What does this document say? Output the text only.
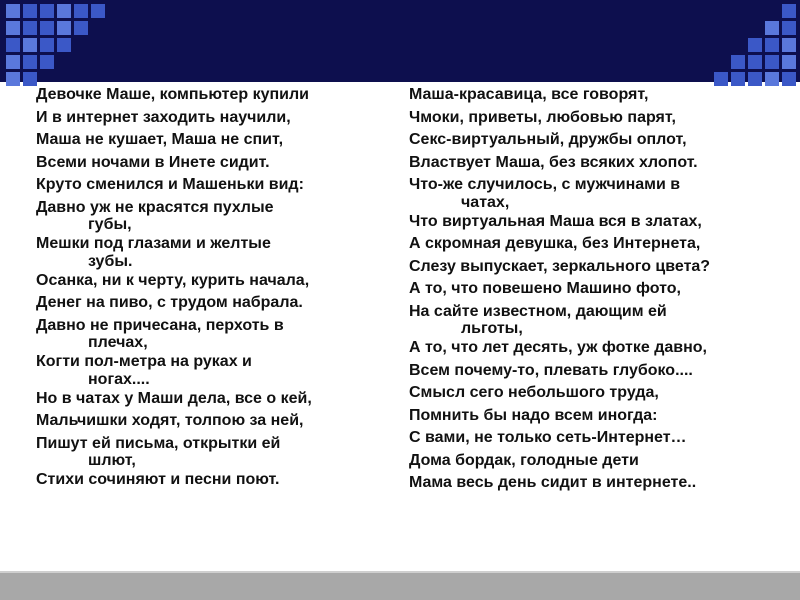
Девочке Маше, компьютер купили
И в интернет заходить научили,
Маша не кушает, Маша не спит,
Всеми ночами в Инете сидит.
Круто сменился и Машеньки вид:
Давно уж не красятся пухлые
губы,
Мешки под глазами и желтые
зубы.
Осанка, ни к черту, курить начала,
Денег на пиво, с трудом набрала.
Давно не причесана, перхоть в
плечах,
Когти пол-метра на руках и
ногах....
Но в чатах у Маши дела, все о кей,
Мальчишки ходят, толпою за ней,
Пишут ей письма, открытки ей
шлют,
Стихи сочиняют и песни поют.
Маша-красавица, все говорят,
Чмоки, приветы, любовью парят,
Секс-виртуальный, дружбы оплот,
Властвует Маша, без всяких хлопот.
Что-же случилось, с мужчинами в
чатах,
Что виртуальная Маша вся в златах,
А скромная девушка, без Интернета,
Слезу выпускает, зеркального цвета?
А то, что повешено Машино фото,
На сайте известном, дающим ей
льготы,
А то, что лет десять, уж фотке давно,
Всем почему-то, плевать глубоко....
Смысл сего небольшого труда,
Помнить бы надо всем иногда:
С вами, не только сеть-Интернет…
Дома бордак, голодные дети
Мама весь день сидит в интернете..
